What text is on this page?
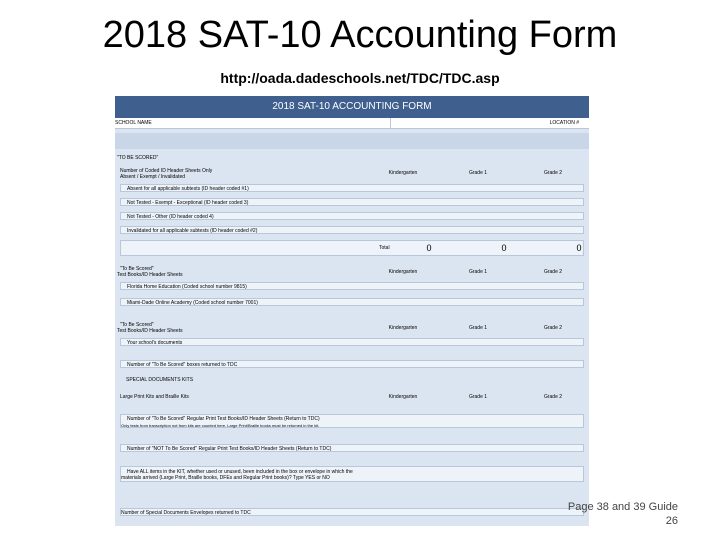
2018 SAT-10 Accounting Form
http://oada.dadeschools.net/TDC/TDC.asp
2018 SAT-10 ACCOUNTING FORM
SCHOOL NAME	LOCATION #
"TO BE SCORED"
Number of Coded ID Header Sheets Only
Absent / Exempt / Invalidated
Kindergarten	Grade 1	Grade 2
Absent for all applicable subtests (ID header coded #1)
Not Tested - Exempt - Exceptional (ID header coded 3)
Not Tested - Other (ID header coded 4)
Invalidated for all applicable subtests (ID header coded #2)
Total	0	0	0
"To Be Scored"
Test Books/ID Header Sheets	Kindergarten	Grade 1	Grade 2
Florida Home Education (Coded school number 9815)
Miami-Dade Online Academy (Coded school number 7001)
"To Be Scored"
Test Books/ID Header Sheets	Kindergarten	Grade 1	Grade 2
Your school's documents
Number of "To Be Scored" boxes returned to TDC
SPECIAL DOCUMENTS KITS
Large Print Kits and Braille Kits	Kindergarten	Grade 1	Grade 2
Number of "To Be Scored" Regular Print Test Books/ID Header Sheets (Return to TDC)
Only tests from transcription not from kits are counted here. Large Print/Braille books must be returned in the kit.
Number of "NOT To Be Scored" Regular Print Test Books/ID Header Sheets (Return to TDC)
Have ALL items in the KIT, whether used or unused, been included in the box or envelope in which the
materials arrived (Large Print, Braille books, DFEs and Regular Print books)? Type YES or NO
Number of Special Documents Envelopes returned to TDC	Page 38 and 39 Guide
26
